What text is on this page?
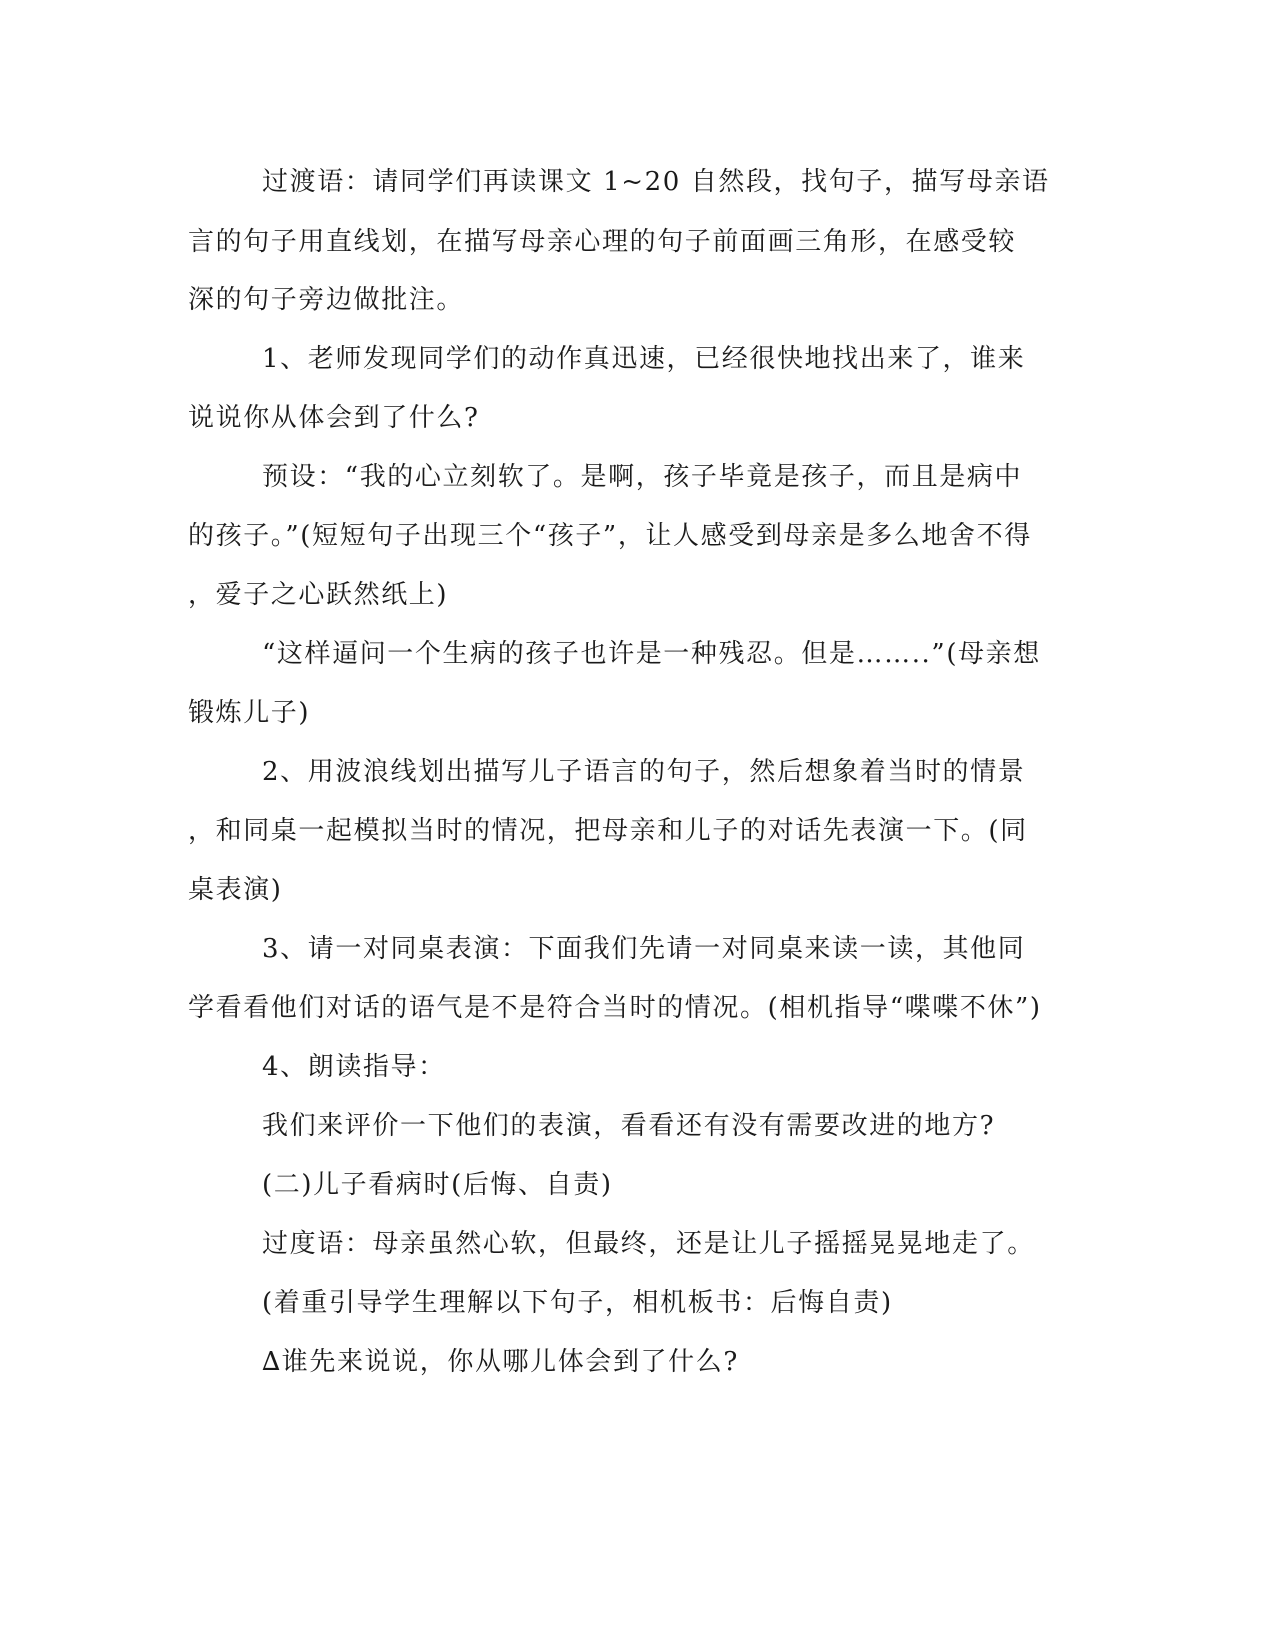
过渡语：请同学们再读课文 1~20 自然段，找句子，描写母亲语
言的句子用直线划，在描写母亲心理的句子前面画三角形，在感受较
深的句子旁边做批注。
1、老师发现同学们的动作真迅速，已经很快地找出来了，谁来
说说你从体会到了什么?
预设：“我的心立刻软了。是啊，孩子毕竟是孩子，而且是病中
的孩子。”(短短句子出现三个“孩子”，让人感受到母亲是多么地舍不得
，爱子之心跃然纸上)
“这样逼问一个生病的孩子也许是一种残忍。但是……..”(母亲想
锻炼儿子)
2、用波浪线划出描写儿子语言的句子，然后想象着当时的情景
，和同桌一起模拟当时的情况，把母亲和儿子的对话先表演一下。(同
桌表演)
3、请一对同桌表演：下面我们先请一对同桌来读一读，其他同
学看看他们对话的语气是不是符合当时的情况。(相机指导“喋喋不休”)
4、朗读指导：
我们来评价一下他们的表演，看看还有没有需要改进的地方?
(二)儿子看病时(后悔、自责)
过度语：母亲虽然心软，但最终，还是让儿子摇摇晃晃地走了。
(着重引导学生理解以下句子，相机板书：后悔自责)
∆谁先来说说，你从哪儿体会到了什么?
